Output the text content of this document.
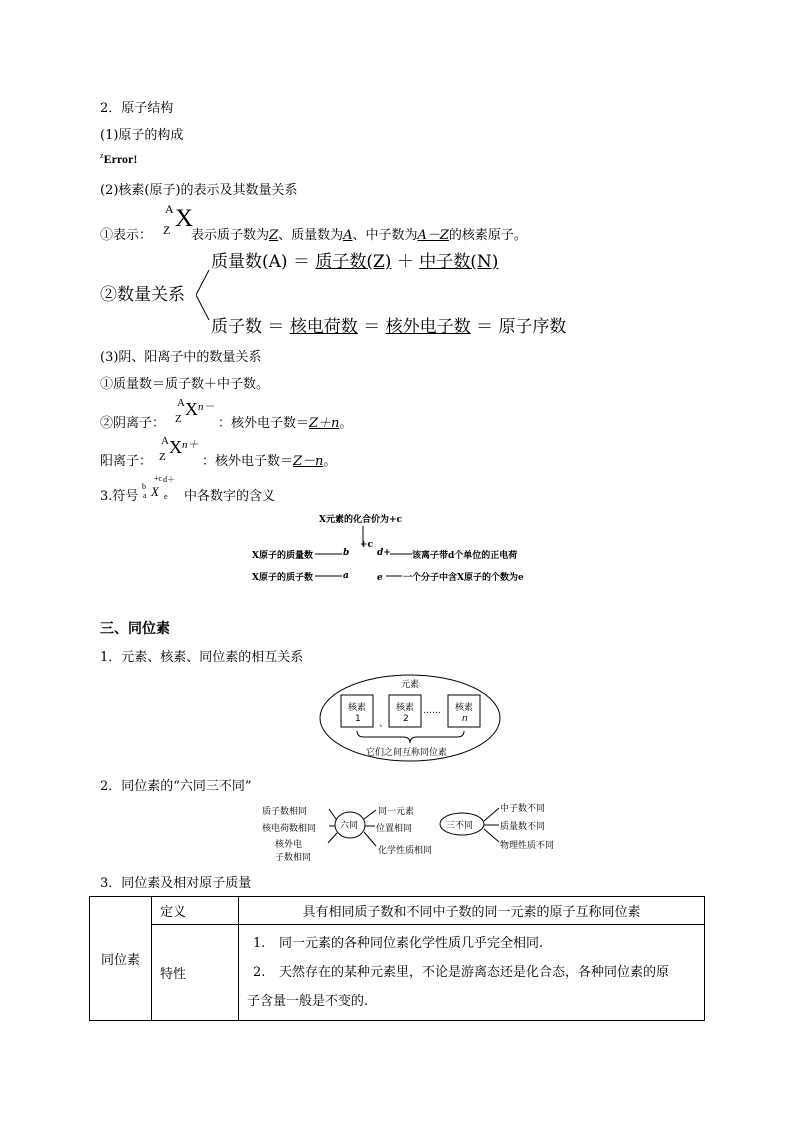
2．原子结构
(1)原子的构成
$^z$Error!
(2)核素(原子)的表示及其数量关系
①表示：
A
Z X
表示质子数为Z、质量数为A、中子数为A－Z的核素原子。
②数量关系
质量数(A) ＝ 质子数(Z) ＋ 中子数(N)
质子数 ＝ 核电荷数 ＝ 核外电子数 ＝ 原子序数
(3)阴、阳离子中的数量关系
①质量数＝质子数＋中子数。
②阴离子：
A
Z X n－
：核外电子数＝Z＋n。
阳离子：
A
Z X n＋
：核外电子数＝Z－n。
3.符号
b
a X
+c d＋
e 中各数字的含义
X元素的化合价为+c
X原子的质量数	b
X原子的质子数	a
+c
d+
e
该离子带d个单位的正电荷
一个分子中含X原子的个数为e
三、同位素
1．元素、核素、同位素的相互关系
元素
核素
1 、
核素
2
…… 核素
n
它们之间互称同位素
2．同位素的“六同三不同”
六同
质子数相同
核电荷数相同
核外电
子数相同
同一元素
位置相同
化学性质相同
三不同
中子数不同
质量数不同
物理性质不同
3．同位素及相对原子质量
同位素	定义	具有相同质子数和不同中子数的同一元素的原子互称同位素
	特性	1. 同一元素的各种同位素化学性质几乎完全相同.
2. 天然存在的某种元素里，不论是游离态还是化合态，各种同位素的原
子含量一般是不变的.
